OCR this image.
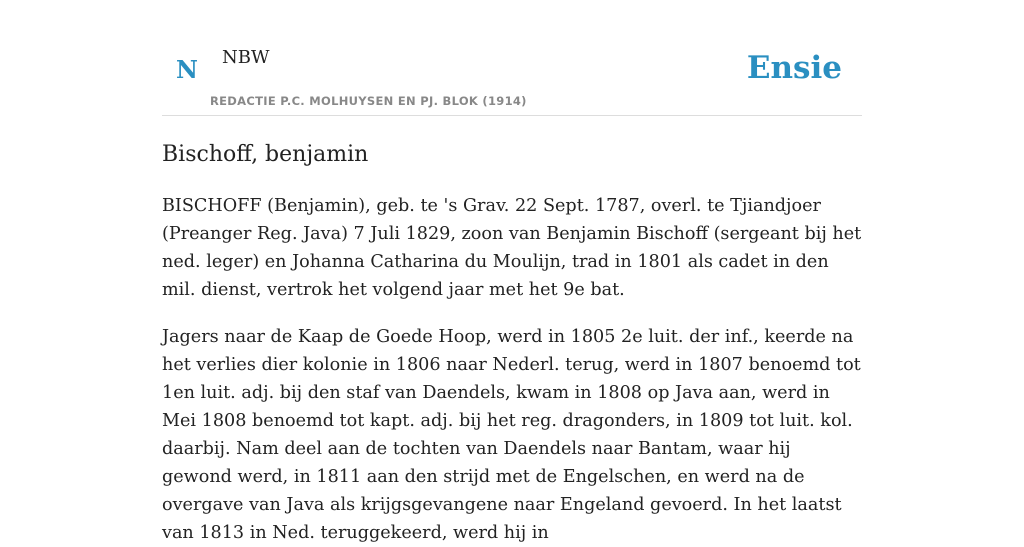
N NBW
REDACTIE P.C. MOLHUYSEN EN PJ. BLOK (1914)
Ensie
Bischoff, benjamin

BISCHOFF (Benjamin), geb. te 's Grav. 22 Sept. 1787, overl. te Tjiandjoer (Preanger Reg. Java) 7 Juli 1829, zoon van Benjamin Bischoff (sergeant bij het ned. leger) en Johanna Catharina du Moulijn, trad in 1801 als cadet in den mil. dienst, vertrok het volgend jaar met het 9e bat.

Jagers naar de Kaap de Goede Hoop, werd in 1805 2e luit. der inf., keerde na het verlies dier kolonie in 1806 naar Nederl. terug, werd in 1807 benoemd tot 1en luit. adj. bij den staf van Daendels, kwam in 1808 op Java aan, werd in Mei 1808 benoemd tot kapt. adj. bij het reg. dragonders, in 1809 tot luit. kol. daarbij. Nam deel aan de tochten van Daendels naar Bantam, waar hij gewond werd, in 1811 aan den strijd met de Engelschen, en werd na de overgave van Java als krijgsgevangene naar Engeland gevoerd. In het laatst van 1813 in Ned. teruggekeerd, werd hij in
